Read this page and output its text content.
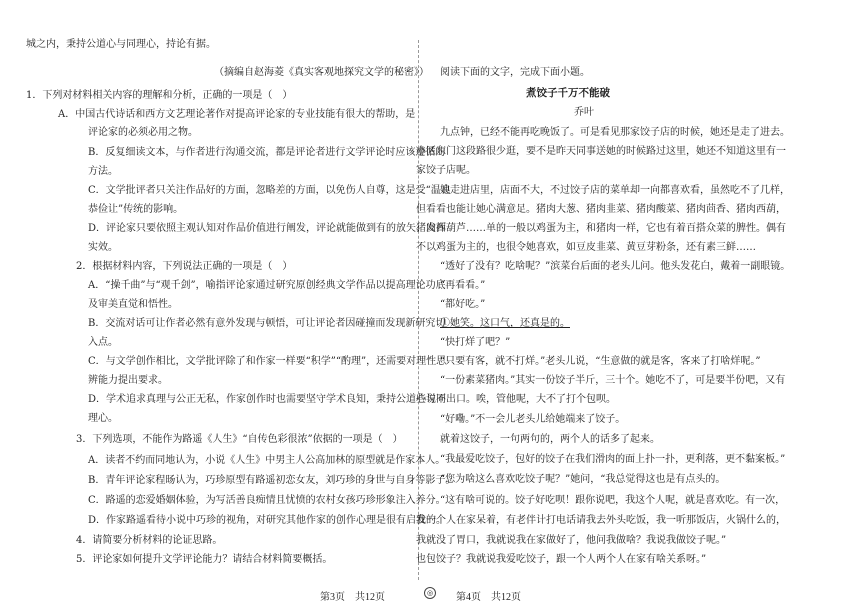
城之内，秉持公道心与同理心，持论有据。
（摘编自赵海菱《真实客观地探究文学的秘密》）
1．下列对材料相关内容的理解和分析，正确的一项是（　）
A．中国古代诗话和西方文艺理论著作对提高评论家的专业技能有很大的帮助，是
评论家的必须必用之物。
B．反复细读文本，与作者进行沟通交流，都是评论者进行文学评论时应该遵循的
方法。
C．文学批评者只关注作品好的方面，忽略差的方面，以免伤人自尊，这是受“温良
恭俭让”传统的影响。
D．评论家只要依照主观认知对作品价值进行阐发，评论就能做到有的放矢、发挥
实效。
2．根据材料内容，下列说法正确的一项是（　）
A．“操千曲”与“观千剑”，喻指评论家通过研究原创经典文学作品以提高理论功底
及审美直觉和悟性。
B．交流对话可让作者必然有意外发现与顿悟，可让评论者因碰撞而发现新研究切
入点。
C．与文学创作相比，文学批评除了和作家一样要“积学”“酌理”，还需要对理性思
辨能力提出要求。
D．学术追求真理与公正无私，作家创作时也需要坚守学术良知，秉持公道心与同
理心。
3．下列选项，不能作为路遥《人生》“自传色彩很浓”依据的一项是（　）
A．读者不约而同地认为，小说《人生》中男主人公高加林的原型就是作家本人。
B．青年评论家程旸认为，巧珍原型有路遥初恋女友，刘巧珍的身世与自身等影子。
C．路遥的恋爱婚姻体验，为写活善良痴情且忧愤的农村女孩巧珍形象注入养分。
D．作家路遥看待小说中巧珍的视角，对研究其他作家的创作心理是很有启发的。
4．请简要分析材料的论证思路。
5．评论家如何提升文学评论能力？请结合材料简要概括。
阅读下面的文字，完成下面小题。
煮饺子千万不能破
乔叶
九点钟，已经不能再吃晚饭了。可是看见那家饺子店的时候，她还是走了进去。
小区东门这段路很少逛，要不是昨天同事送她的时候路过这里，她还不知道这里有一
家饺子店呢。
她走进店里，店面不大，不过饺子店的菜单却一向都喜欢看，虽然吃不了几样，
但看看也能让她心满意足。猪肉大葱、猪肉韭菜、猪肉酸菜、猪肉茴香、猪肉西葫，
猪肉西葫芦……单的一般以鸡蛋为主，和猪肉一样，它也有着百搭众菜的脾性。偶有
不以鸡蛋为主的，也很令她喜欢，如豆皮韭菜、黄豆芽粉条，还有素三鲜……
“透好了没有？吃啥呢？”滨菜台后面的老头儿问。他头发花白，戴着一副眼镜。
“再看看。”
“都好吃。”
①她笑。这口气，还真是的。
“快打烊了吧？”
“只要有客，就不打烊。”老头儿说，“生意做的就是客，客来了打啥烊呢。”
“一份素菜猪肉。”其实一份饺子半斤，三十个。她吃不了，可是要半份吧，又有
些说不出口。唉，管他呢，大不了打个包呗。
“好嘞。”不一会儿老头儿给她端来了饺子。
就着这饺子，一句两句的，两个人的话多了起来。
“我最爱吃饺子，包好的饺子在我们滑肉的面上扑一扑，更利落，更不黏案板。”
“您为啥这么喜欢吃饺子呢？”她问，“我总觉得这也是有点头的。
“这有啥可说的。饺子好吃呗！跟你说吧，我这个人呢，就是喜欢吃。有一次，
我一个人在家呆着，有老伴计打电话请我去外头吃饭，我一听那饭店，火锅什么的，
我就没了胃口，我就说我在家做好了，他问我做啥？我说我做饺子呢。”
也包饺子？我就说我爱吃饺子，跟一个人两个人在家有啥关系呀。”
第3页　共12页	◎ 第4页　共12页
